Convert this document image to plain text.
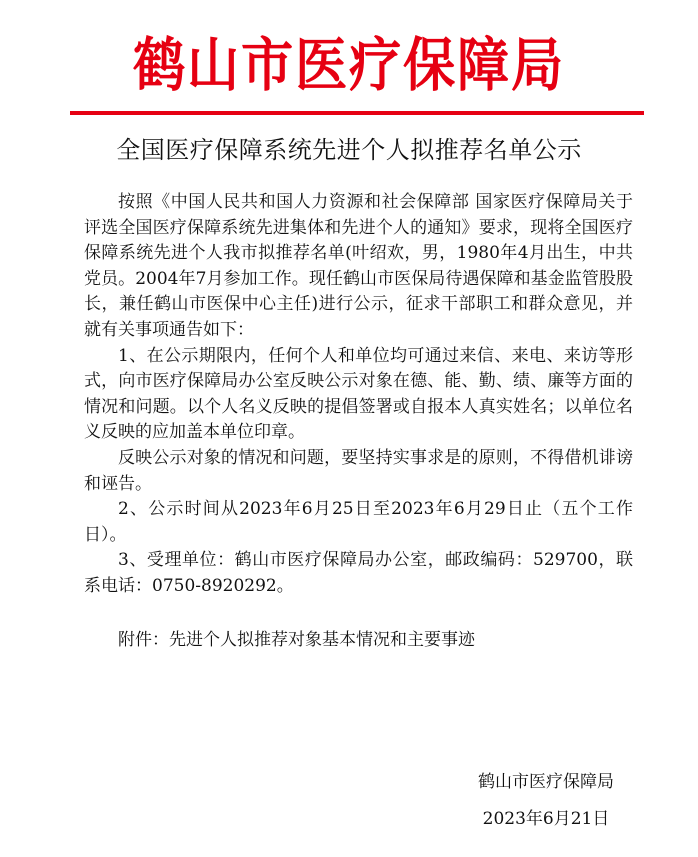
鹤山市医疗保障局
全国医疗保障系统先进个人拟推荐名单公示

按照《中国人民共和国人力资源和社会保障部 国家医疗保障局关于评选全国医疗保障系统先进集体和先进个人的通知》要求，现将全国医疗保障系统先进个人我市拟推荐名单(叶绍欢，男，1980年4月出生，中共党员。2004年7月参加工作。现任鹤山市医保局待遇保障和基金监管股股长，兼任鹤山市医保中心主任)进行公示，征求干部职工和群众意见，并就有关事项通告如下：

1、在公示期限内，任何个人和单位均可通过来信、来电、来访等形式，向市医疗保障局办公室反映公示对象在德、能、勤、绩、廉等方面的情况和问题。以个人名义反映的提倡签署或自报本人真实姓名；以单位名义反映的应加盖本单位印章。

反映公示对象的情况和问题，要坚持实事求是的原则，不得借机诽谤和诬告。

2、公示时间从2023年6月25日至2023年6月29日止（五个工作日）。

3、受理单位：鹤山市医疗保障局办公室，邮政编码：529700，联系电话：0750-8920292。

附件：先进个人拟推荐对象基本情况和主要事迹

鹤山市医疗保障局
2023年6月21日
